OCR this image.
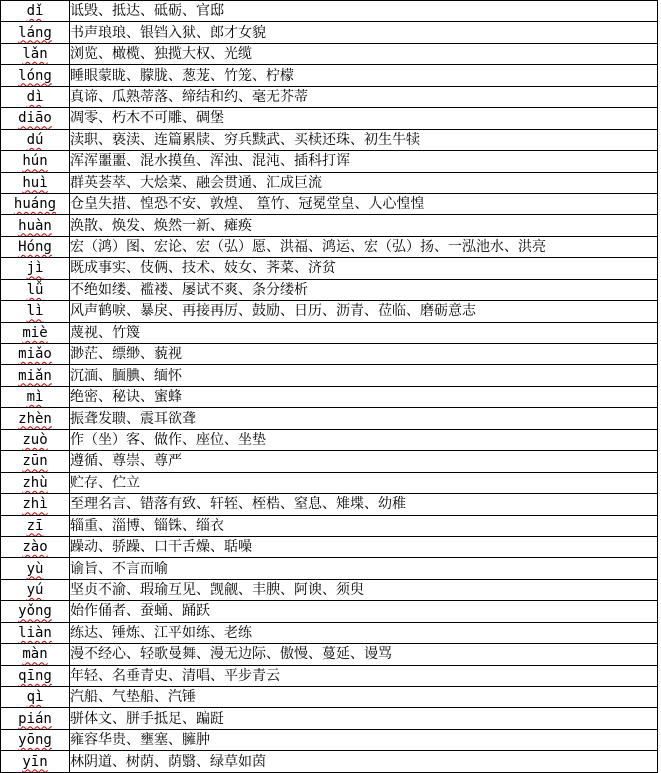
dǐ	诋毁、抵达、砥砺、官邸
láng	书声琅琅、银铛入狱、郎才女貌
lǎn	浏览、橄榄、独揽大权、光缆
lóng	睡眼蒙眬、朦胧、葱茏、竹笼、柠檬
dì	真谛、瓜熟蒂落、缔结和约、毫无芥蒂
diāo	凋零、朽木不可雕、碉堡
dú	渎职、亵渎、连篇累牍、穷兵黩武、买椟还珠、初生牛犊
hún	浑浑噩噩、混水摸鱼、浑浊、混沌、插科打诨
huì	群英荟萃、大烩菜、融会贯通、汇成巨流
huáng	仓皇失措、惶恐不安、敦煌、 篁竹、冠冕堂皇、人心惶惶
huàn	涣散、焕发、焕然一新、瘫痪
Hóng	宏（鸿）图、宏论、宏（弘）愿、洪福、鸿运、宏（弘）扬、一泓池水、洪亮
jì	既成事实、伎俩、技术、妓女、荠菜、济贫
lǚ	不绝如缕、褴褛、屡试不爽、条分缕析
lì	风声鹤唳、暴戾、再接再厉、鼓励、日历、沥青、莅临、磨砺意志
miè	蔑视、竹篾
miǎo	渺茫、缥缈、藐视
miǎn	沉湎、腼腆、缅怀
mì	绝密、秘诀、蜜蜂
zhèn	振聋发聩、震耳欲聋
zuò	作（坐）客、做作、座位、坐垫
zūn	遵循、尊崇、尊严
zhù	贮存、伫立
zhì	至理名言、错落有致、轩轾、桎梏、窒息、雉堞、幼稚
zī	辎重、淄博、锱铢、缁衣
zào	躁动、骄躁、口干舌燥、聒噪
yù	谕旨、不言而喻
yú	坚贞不渝、瑕瑜互见、觊觎、丰腴、阿谀、须臾
yǒng	始作俑者、蚕蛹、踊跃
liàn	练达、锤炼、江平如练、老练
màn	漫不经心、轻歌曼舞、漫无边际、傲慢、蔓延、谩骂
qīng	年轻、名垂青史、清唱、平步青云
qì	汽船、气垫船、汽锤
pián	骈体文、胼手抵足、蹁跹
yōng	雍容华贵、壅塞、臃肿
yīn	林阴道、树荫、荫翳、绿草如茵
